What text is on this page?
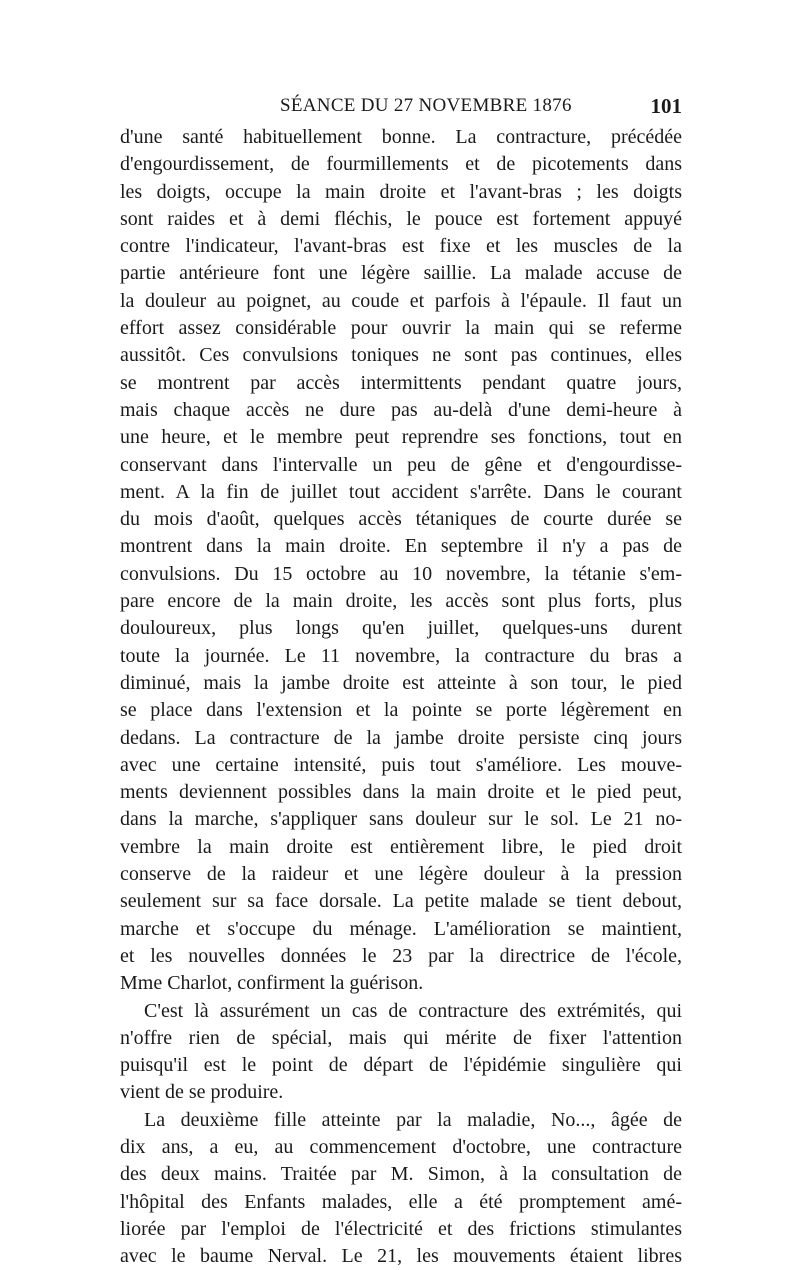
SÉANCE DU 27 NOVEMBRE 1876	101
d'une santé habituellement bonne. La contracture, précédée
d'engourdissement, de fourmillements et de picotements dans
les doigts, occupe la main droite et l'avant-bras ; les doigts
sont raides et à demi fléchis, le pouce est fortement appuyé
contre l'indicateur, l'avant-bras est fixe et les muscles de la
partie antérieure font une légère saillie. La malade accuse de
la douleur au poignet, au coude et parfois à l'épaule. Il faut un
effort assez considérable pour ouvrir la main qui se referme
aussitôt. Ces convulsions toniques ne sont pas continues, elles
se montrent par accès intermittents pendant quatre jours,
mais chaque accès ne dure pas au-delà d'une demi-heure à
une heure, et le membre peut reprendre ses fonctions, tout en
conservant dans l'intervalle un peu de gêne et d'engourdisse-
ment. A la fin de juillet tout accident s'arrête. Dans le courant
du mois d'août, quelques accès tétaniques de courte durée se
montrent dans la main droite. En septembre il n'y a pas de
convulsions. Du 15 octobre au 10 novembre, la tétanie s'em-
pare encore de la main droite, les accès sont plus forts, plus
douloureux, plus longs qu'en juillet, quelques-uns durent
toute la journée. Le 11 novembre, la contracture du bras a
diminué, mais la jambe droite est atteinte à son tour, le pied
se place dans l'extension et la pointe se porte légèrement en
dedans. La contracture de la jambe droite persiste cinq jours
avec une certaine intensité, puis tout s'améliore. Les mouve-
ments deviennent possibles dans la main droite et le pied peut,
dans la marche, s'appliquer sans douleur sur le sol. Le 21 no-
vembre la main droite est entièrement libre, le pied droit
conserve de la raideur et une légère douleur à la pression
seulement sur sa face dorsale. La petite malade se tient debout,
marche et s'occupe du ménage. L'amélioration se maintient,
et les nouvelles données le 23 par la directrice de l'école,
Mme Charlot, confirment la guérison.
C'est là assurément un cas de contracture des extrémités, qui
n'offre rien de spécial, mais qui mérite de fixer l'attention
puisqu'il est le point de départ de l'épidémie singulière qui
vient de se produire.
La deuxième fille atteinte par la maladie, No..., âgée de
dix ans, a eu, au commencement d'octobre, une contracture
des deux mains. Traitée par M. Simon, à la consultation de
l'hôpital des Enfants malades, elle a été promptement amé-
liorée par l'emploi de l'électricité et des frictions stimulantes
avec le baume Nerval. Le 21, les mouvements étaient libres
